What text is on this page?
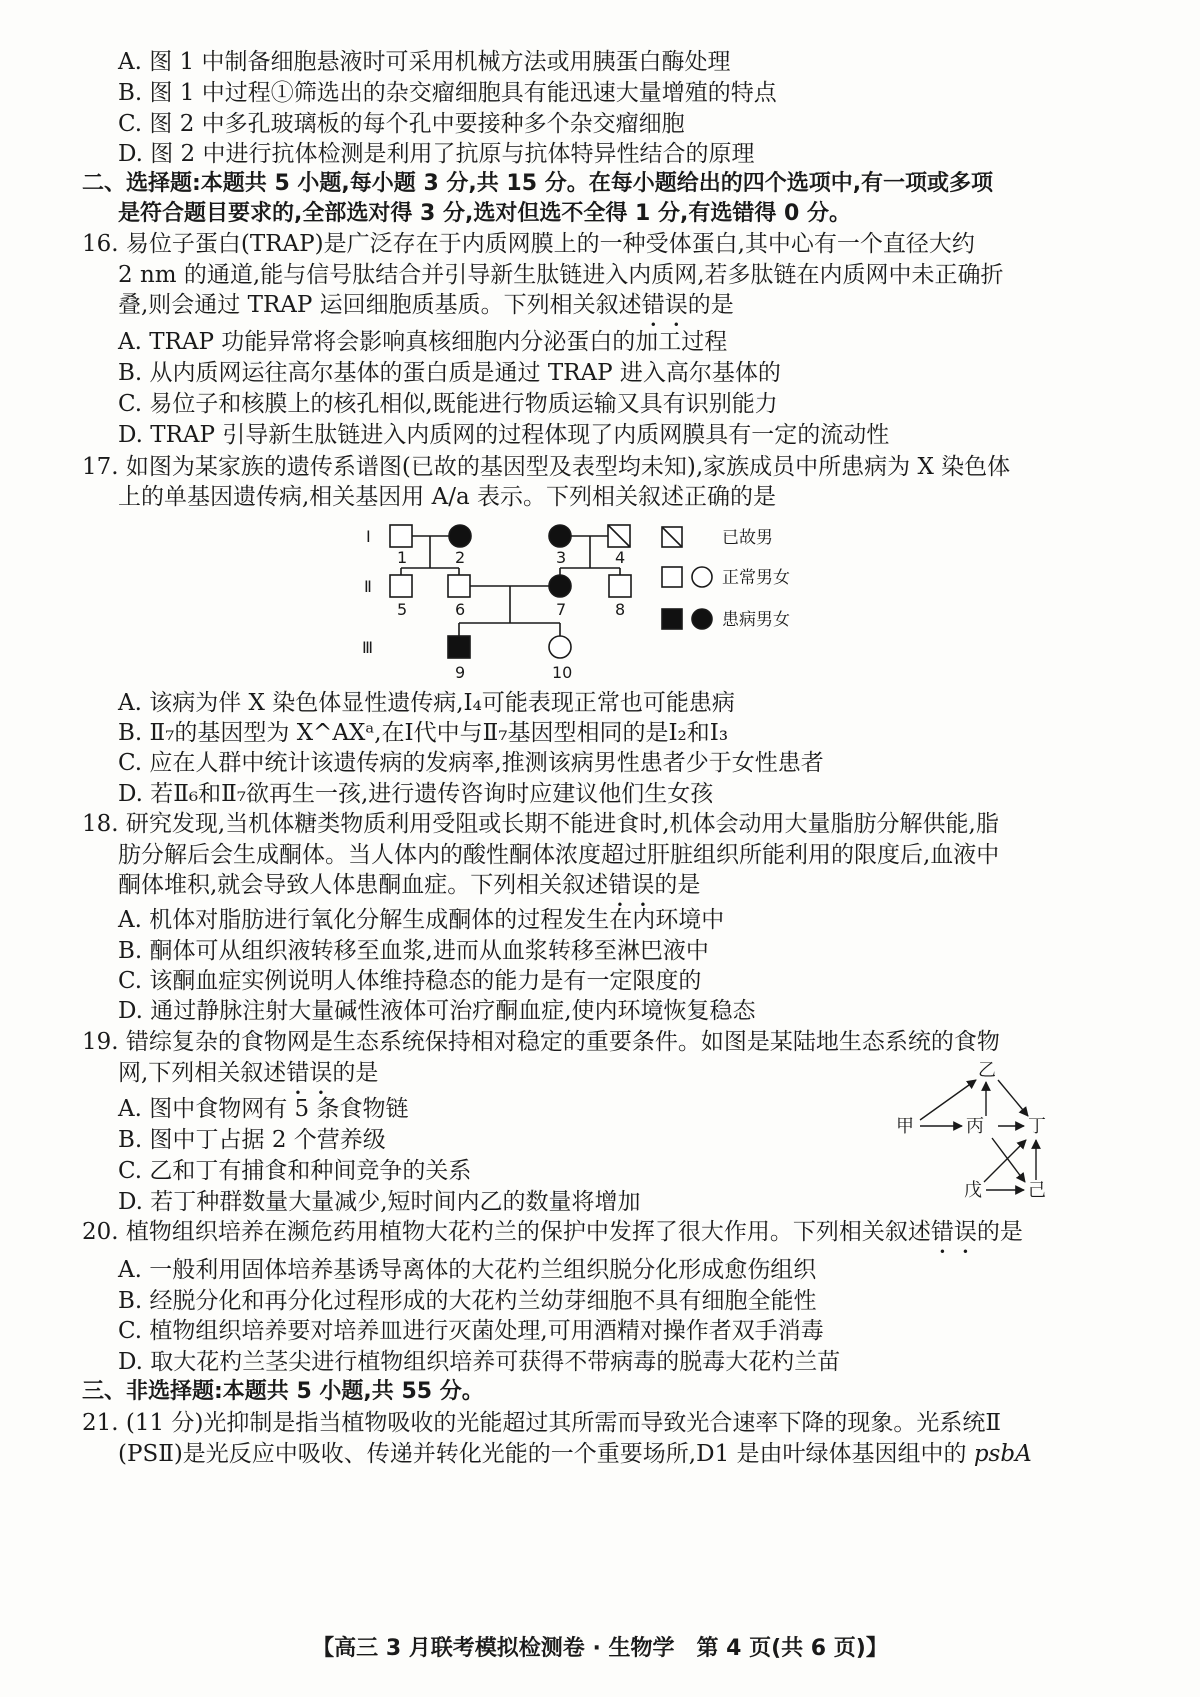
A. 图 1 中制备细胞悬液时可采用机械方法或用胰蛋白酶处理
B. 图 1 中过程①筛选出的杂交瘤细胞具有能迅速大量增殖的特点
C. 图 2 中多孔玻璃板的每个孔中要接种多个杂交瘤细胞
D. 图 2 中进行抗体检测是利用了抗原与抗体特异性结合的原理
二、选择题:本题共 5 小题,每小题 3 分,共 15 分。在每小题给出的四个选项中,有一项或多项
是符合题目要求的,全部选对得 3 分,选对但选不全得 1 分,有选错得 0 分。
16. 易位子蛋白(TRAP)是广泛存在于内质网膜上的一种受体蛋白,其中心有一个直径大约
2 nm 的通道,能与信号肽结合并引导新生肽链进入内质网,若多肽链在内质网中未正确折
叠,则会通过 TRAP 运回细胞质基质。下列相关叙述错误的是
A. TRAP 功能异常将会影响真核细胞内分泌蛋白的加工过程
B. 从内质网运往高尔基体的蛋白质是通过 TRAP 进入高尔基体的
C. 易位子和核膜上的核孔相似,既能进行物质运输又具有识别能力
D. TRAP 引导新生肽链进入内质网的过程体现了内质网膜具有一定的流动性
17. 如图为某家族的遗传系谱图(已故的基因型及表型均未知),家族成员中所患病为 X 染色体
上的单基因遗传病,相关基因用 A/a 表示。下列相关叙述正确的是
Ⅰ
Ⅱ
Ⅲ
1	2	3	4
5	6	7	8
9	10
已故男
正常男女
患病男女
A. 该病为伴 X 染色体显性遗传病,Ⅰ₄可能表现正常也可能患病
B. Ⅱ₇的基因型为 X^AXᵃ,在Ⅰ代中与Ⅱ₇基因型相同的是Ⅰ₂和Ⅰ₃
C. 应在人群中统计该遗传病的发病率,推测该病男性患者少于女性患者
D. 若Ⅱ₆和Ⅱ₇欲再生一孩,进行遗传咨询时应建议他们生女孩
18. 研究发现,当机体糖类物质利用受阻或长期不能进食时,机体会动用大量脂肪分解供能,脂
肪分解后会生成酮体。当人体内的酸性酮体浓度超过肝脏组织所能利用的限度后,血液中
酮体堆积,就会导致人体患酮血症。下列相关叙述错误的是
A. 机体对脂肪进行氧化分解生成酮体的过程发生在内环境中
B. 酮体可从组织液转移至血浆,进而从血浆转移至淋巴液中
C. 该酮血症实例说明人体维持稳态的能力是有一定限度的
D. 通过静脉注射大量碱性液体可治疗酮血症,使内环境恢复稳态
19. 错综复杂的食物网是生态系统保持相对稳定的重要条件。如图是某陆地生态系统的食物
网,下列相关叙述错误的是
A. 图中食物网有 5 条食物链
B. 图中丁占据 2 个营养级
C. 乙和丁有捕食和种间竞争的关系
D. 若丁种群数量大量减少,短时间内乙的数量将增加
乙
甲	丙 丁
戊	己
20. 植物组织培养在濒危药用植物大花杓兰的保护中发挥了很大作用。下列相关叙述错误的是
A. 一般利用固体培养基诱导离体的大花杓兰组织脱分化形成愈伤组织
B. 经脱分化和再分化过程形成的大花杓兰幼芽细胞不具有细胞全能性
C. 植物组织培养要对培养皿进行灭菌处理,可用酒精对操作者双手消毒
D. 取大花杓兰茎尖进行植物组织培养可获得不带病毒的脱毒大花杓兰苗
三、非选择题:本题共 5 小题,共 55 分。
21. (11 分)光抑制是指当植物吸收的光能超过其所需而导致光合速率下降的现象。光系统Ⅱ
(PSⅡ)是光反应中吸收、传递并转化光能的一个重要场所,D1 是由叶绿体基因组中的 psbA
【高三 3 月联考模拟检测卷 · 生物学　第 4 页(共 6 页)】
